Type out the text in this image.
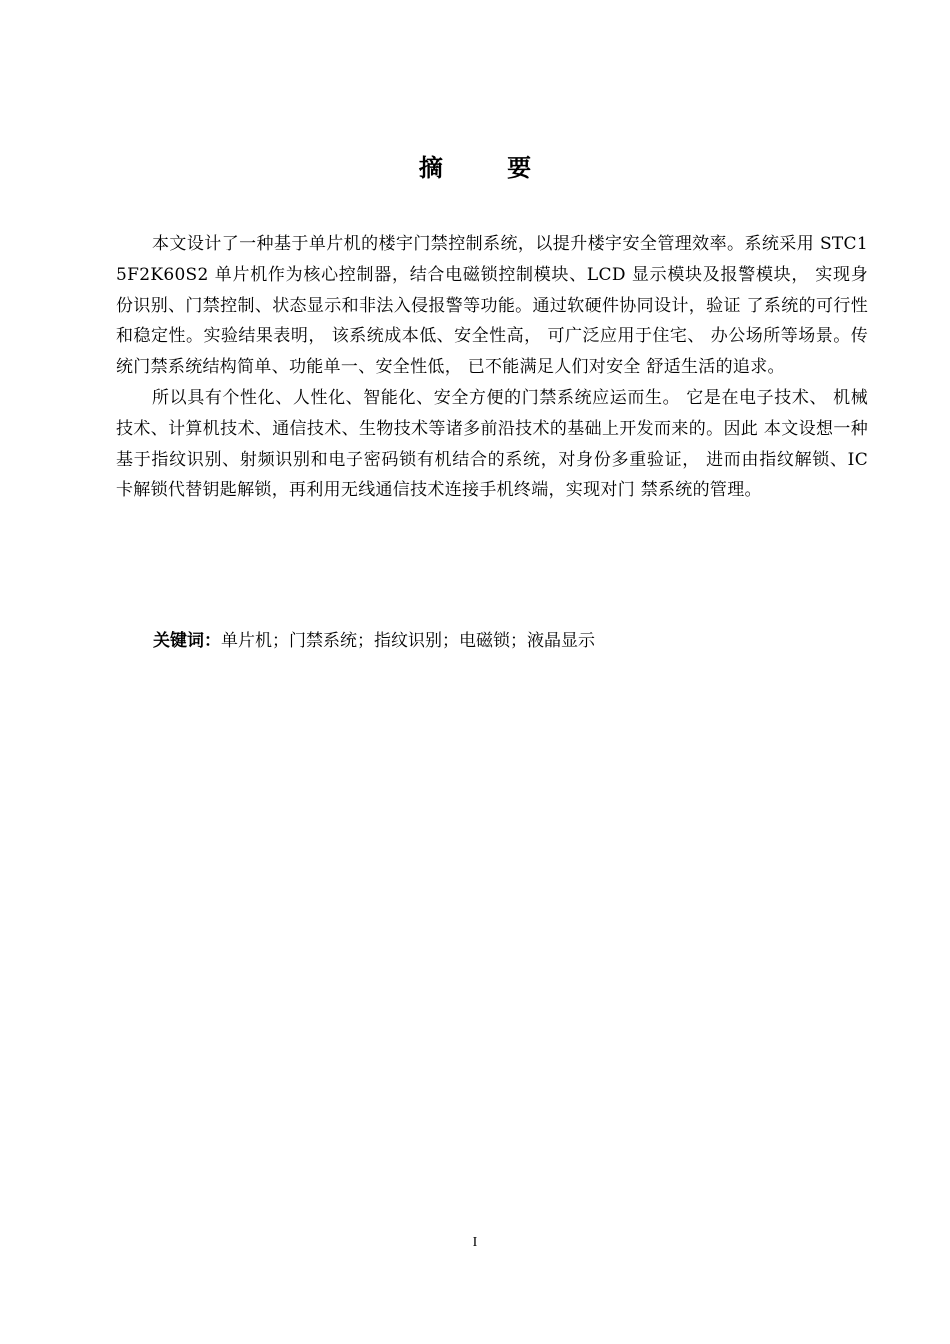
摘 要

本文设计了一种基于单片机的楼宇门禁控制系统，以提升楼宇安全管理效率。系统采用 STC15F2K60S2 单片机作为核心控制器，结合电磁锁控制模块、LCD 显示模块及报警模块， 实现身份识别、门禁控制、状态显示和非法入侵报警等功能。通过软硬件协同设计，验证 了系统的可行性和稳定性。实验结果表明， 该系统成本低、安全性高， 可广泛应用于住宅、 办公场所等场景。传统门禁系统结构简单、功能单一、安全性低， 已不能满足人们对安全 舒适生活的追求。

所以具有个性化、人性化、智能化、安全方便的门禁系统应运而生。 它是在电子技术、 机械技术、计算机技术、通信技术、生物技术等诸多前沿技术的基础上开发而来的。因此 本文设想一种基于指纹识别、射频识别和电子密码锁有机结合的系统，对身份多重验证， 进而由指纹解锁、IC 卡解锁代替钥匙解锁，再利用无线通信技术连接手机终端，实现对门 禁系统的管理。

关键词：单片机；门禁系统；指纹识别；电磁锁；液晶显示
I
